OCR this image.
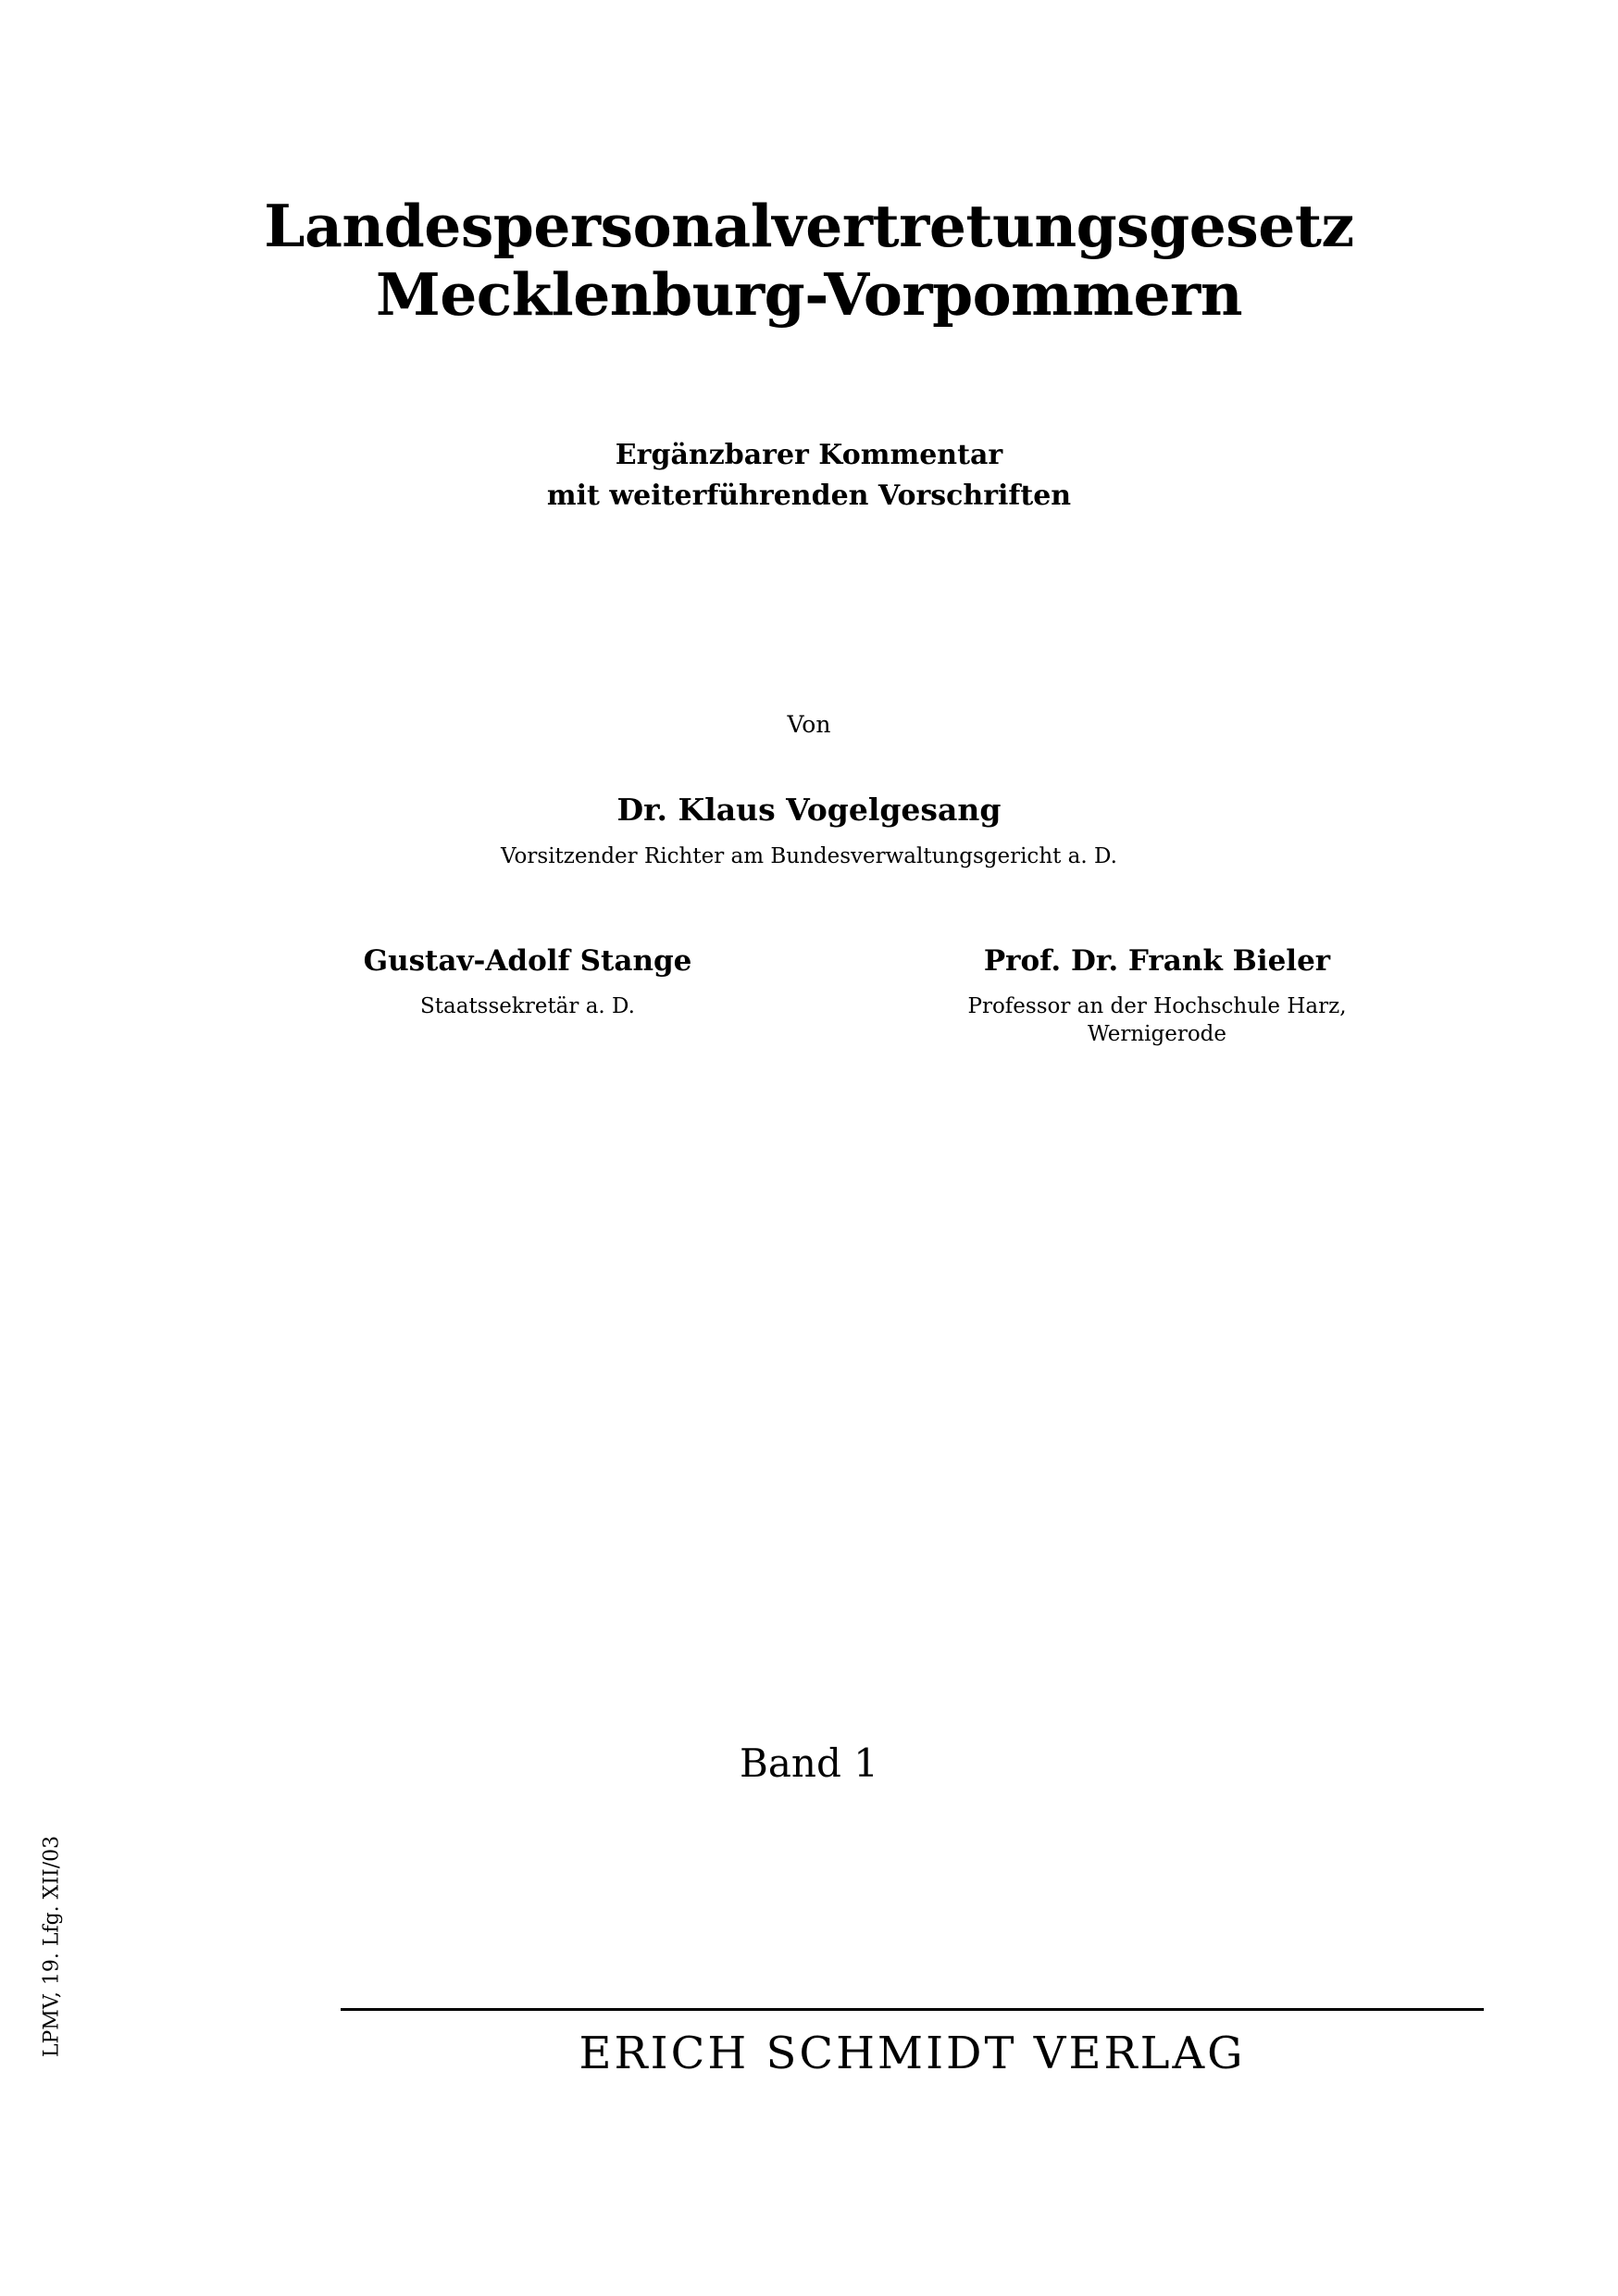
Landespersonalvertretungsgesetz
Mecklenburg-Vorpommern
Ergänzbarer Kommentar
mit weiterführenden Vorschriften
Von
Dr. Klaus Vogelgesang
Vorsitzender Richter am Bundesverwaltungsgericht a. D.
Gustav-Adolf Stange
Staatssekretär a. D.
Prof. Dr. Frank Bieler
Professor an der Hochschule Harz, Wernigerode
Band 1
ERICH SCHMIDT VERLAG
LPMV, 19. Lfg. XII/03
